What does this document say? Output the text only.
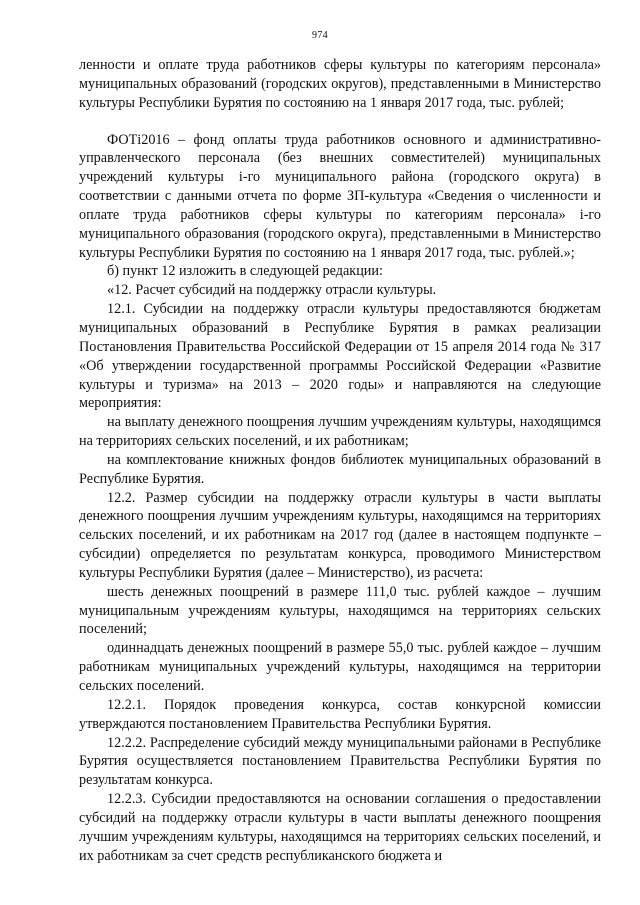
974

ленности и оплате труда работников сферы культуры по категориям персонала» муниципальных образований (городских округов), представленными в Министерство культуры Республики Бурятия по состоянию на 1 января 2017 года, тыс. рублей;

ФОТi2016 – фонд оплаты труда работников основного и административно-управленческого персонала (без внешних совместителей) муниципальных учреждений культуры i-го муниципального района (городского округа) в соответствии с данными отчета по форме ЗП-культура «Сведения о численности и оплате труда работников сферы культуры по категориям персонала» i-го муниципального образования (городского округа), представленными в Министерство культуры Республики Бурятия по состоянию на 1 января 2017 года, тыс. рублей.»;

б) пункт 12 изложить в следующей редакции:

«12. Расчет субсидий на поддержку отрасли культуры.

12.1. Субсидии на поддержку отрасли культуры предоставляются бюджетам муниципальных образований в Республике Бурятия в рамках реализации Постановления Правительства Российской Федерации от 15 апреля 2014 года № 317 «Об утверждении государственной программы Российской Федерации «Развитие культуры и туризма» на 2013 – 2020 годы» и направляются на следующие мероприятия:

на выплату денежного поощрения лучшим учреждениям культуры, находящимся на территориях сельских поселений, и их работникам;

на комплектование книжных фондов библиотек муниципальных образований в Республике Бурятия.

12.2. Размер субсидии на поддержку отрасли культуры в части выплаты денежного поощрения лучшим учреждениям культуры, находящимся на территориях сельских поселений, и их работникам на 2017 год (далее в настоящем подпункте – субсидии) определяется по результатам конкурса, проводимого Министерством культуры Республики Бурятия (далее – Министерство), из расчета:

шесть денежных поощрений в размере 111,0 тыс. рублей каждое – лучшим муниципальным учреждениям культуры, находящимся на территориях сельских поселений;

одиннадцать денежных поощрений в размере 55,0 тыс. рублей каждое – лучшим работникам муниципальных учреждений культуры, находящимся на территории сельских поселений.

12.2.1. Порядок проведения конкурса, состав конкурсной комиссии утверждаются постановлением Правительства Республики Бурятия.

12.2.2. Распределение субсидий между муниципальными районами в Республике Бурятия осуществляется постановлением Правительства Республики Бурятия по результатам конкурса.

12.2.3. Субсидии предоставляются на основании соглашения о предоставлении субсидий на поддержку отрасли культуры в части выплаты денежного поощрения лучшим учреждениям культуры, находящимся на территориях сельских поселений, и их работникам за счет средств республиканского бюджета и
